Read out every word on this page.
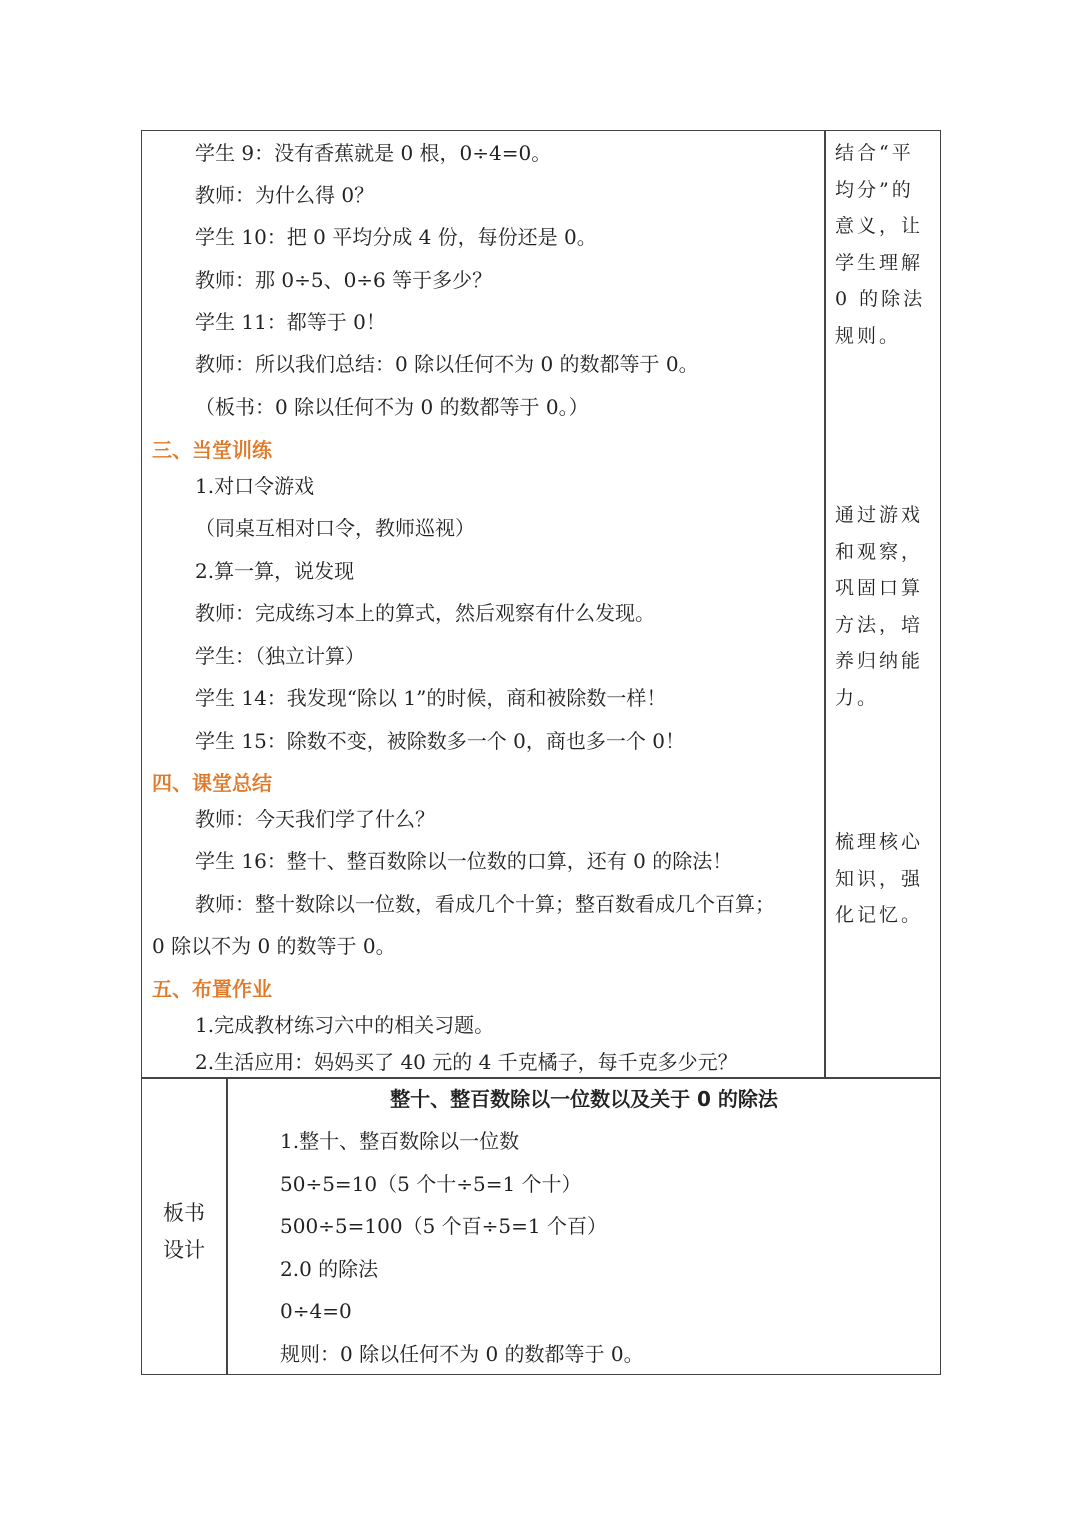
学生 9：没有香蕉就是 0 根，0÷4=0。
教师：为什么得 0？
学生 10：把 0 平均分成 4 份，每份还是 0。
教师：那 0÷5、0÷6 等于多少？
学生 11：都等于 0！
教师：所以我们总结：0 除以任何不为 0 的数都等于 0。
（板书：0 除以任何不为 0 的数都等于 0。）
三、当堂训练
1.对口令游戏
（同桌互相对口令，教师巡视）
2.算一算，说发现
教师：完成练习本上的算式，然后观察有什么发现。
学生：（独立计算）
学生 14：我发现“除以 1”的时候，商和被除数一样！
学生 15：除数不变，被除数多一个 0，商也多一个 0！
四、课堂总结
教师：今天我们学了什么？
学生 16：整十、整百数除以一位数的口算，还有 0 的除法！
教师：整十数除以一位数，看成几个十算；整百数看成几个百算；
0 除以不为 0 的数等于 0。
五、布置作业
1.完成教材练习六中的相关习题。
2.生活应用：妈妈买了 40 元的 4 千克橘子，每千克多少元？
结合“平
均分”的
意义，让
学生理解
0 的除法
规则。
通过游戏
和观察，
巩固口算
方法，培
养归纳能
力。
梳理核心
知识，强
化记忆。
板书
设计
整十、整百数除以一位数以及关于 0 的除法
1.整十、整百数除以一位数
50÷5=10（5 个十÷5=1 个十）
500÷5=100（5 个百÷5=1 个百）
2.0 的除法
0÷4=0
规则：0 除以任何不为 0 的数都等于 0。
